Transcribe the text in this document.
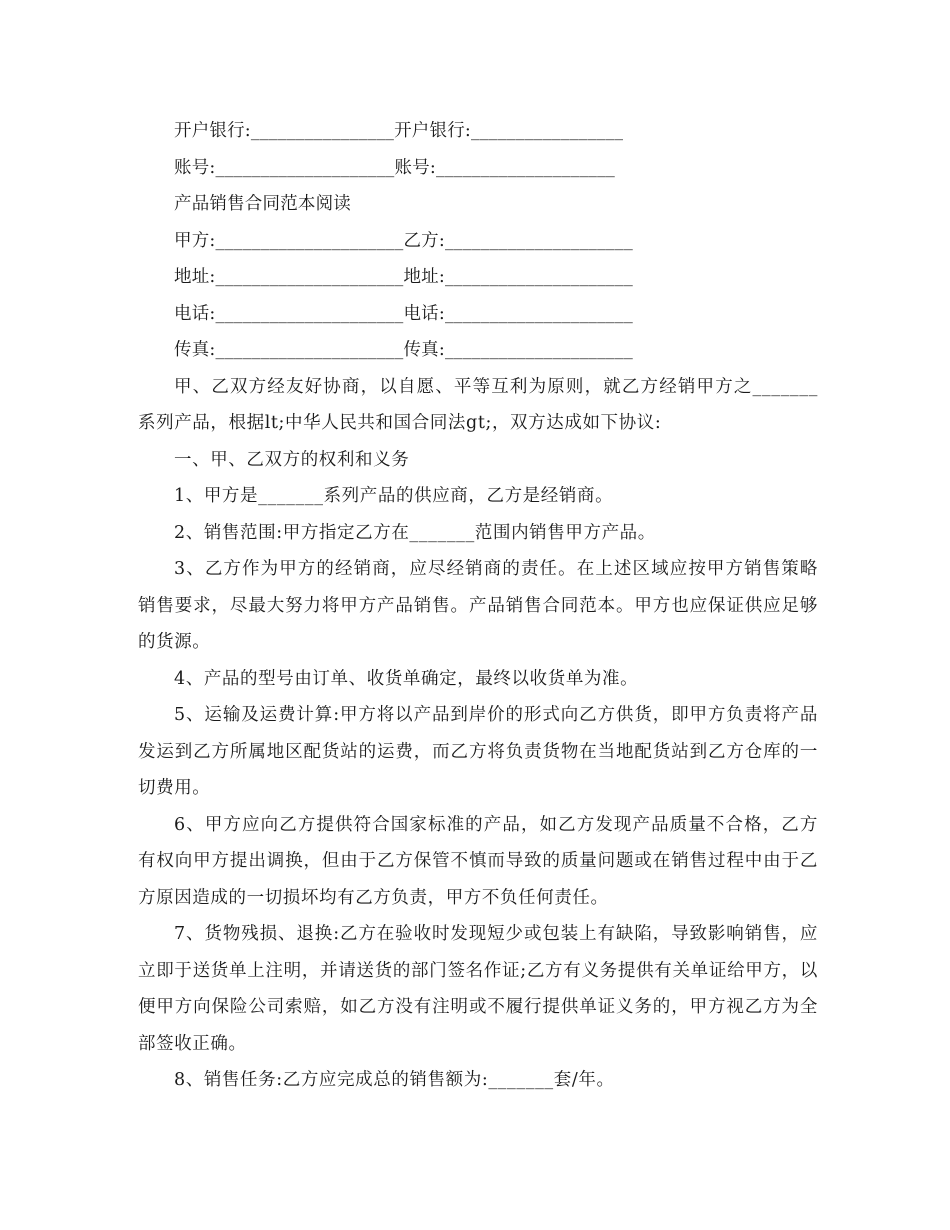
开户银行:________________开户银行:_________________
账号:____________________账号:____________________
产品销售合同范本阅读
甲方:_____________________乙方:_____________________
地址:_____________________地址:_____________________
电话:_____________________电话:_____________________
传真:_____________________传真:_____________________

甲、乙双方经友好协商，以自愿、平等互利为原则，就乙方经销甲方之_______系列产品，根据lt;中华人民共和国合同法gt;，双方达成如下协议:

一、甲、乙双方的权利和义务

1、甲方是_______系列产品的供应商，乙方是经销商。

2、销售范围:甲方指定乙方在_______范围内销售甲方产品。

3、乙方作为甲方的经销商，应尽经销商的责任。在上述区域应按甲方销售策略销售要求，尽最大努力将甲方产品销售。产品销售合同范本。甲方也应保证供应足够的货源。

4、产品的型号由订单、收货单确定，最终以收货单为准。

5、运输及运费计算:甲方将以产品到岸价的形式向乙方供货，即甲方负责将产品发运到乙方所属地区配货站的运费，而乙方将负责货物在当地配货站到乙方仓库的一切费用。

6、甲方应向乙方提供符合国家标准的产品，如乙方发现产品质量不合格，乙方有权向甲方提出调换，但由于乙方保管不慎而导致的质量问题或在销售过程中由于乙方原因造成的一切损坏均有乙方负责，甲方不负任何责任。

7、货物残损、退换:乙方在验收时发现短少或包装上有缺陷，导致影响销售，应立即于送货单上注明，并请送货的部门签名作证;乙方有义务提供有关单证给甲方，以便甲方向保险公司索赔，如乙方没有注明或不履行提供单证义务的，甲方视乙方为全部签收正确。

8、销售任务:乙方应完成总的销售额为:_______套/年。
